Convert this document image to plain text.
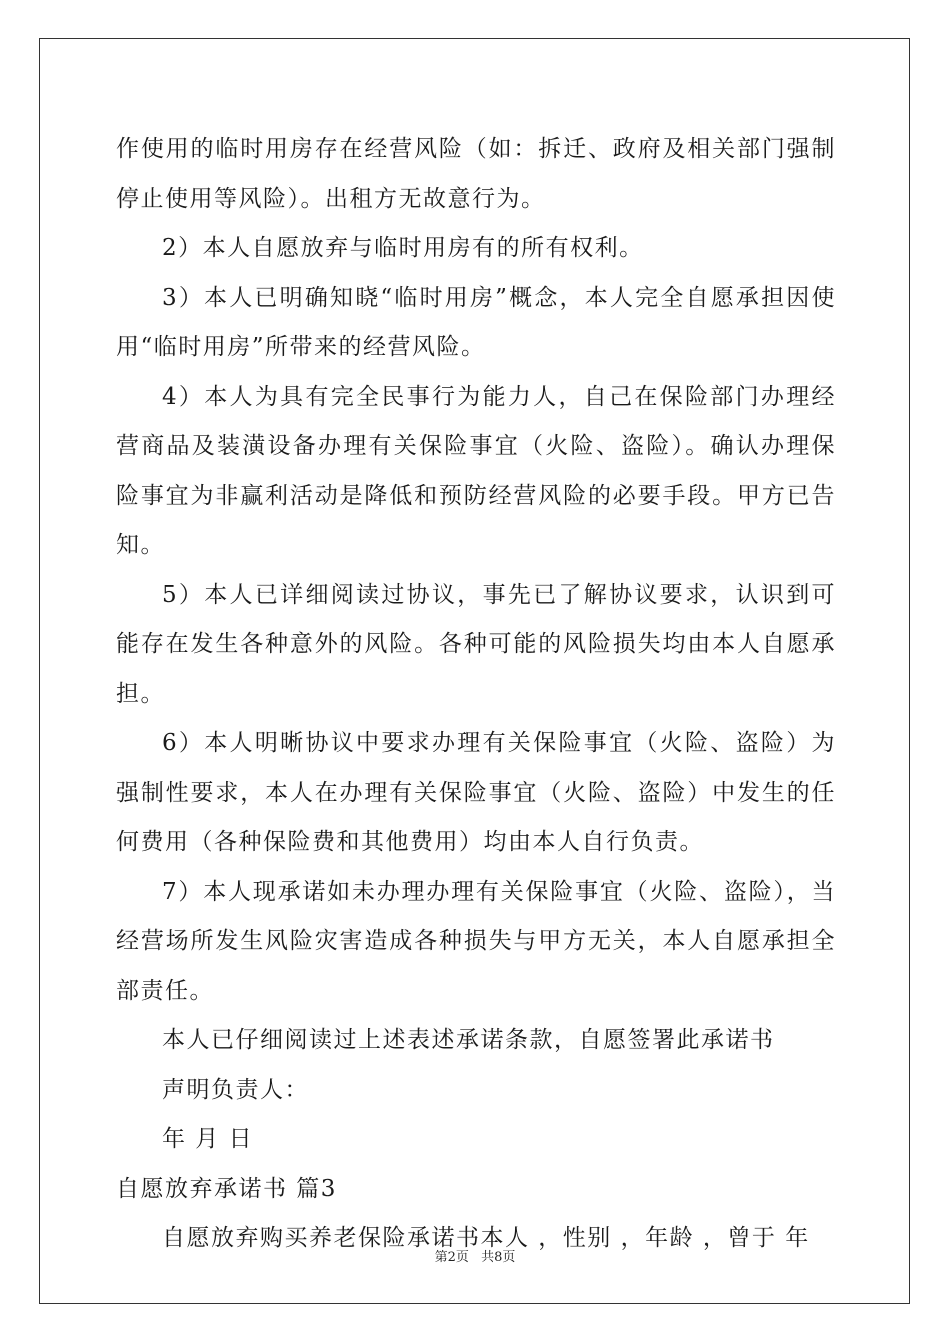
作使用的临时用房存在经营风险（如：拆迁、政府及相关部门强制停止使用等风险）。出租方无故意行为。

2）本人自愿放弃与临时用房有的所有权利。

3）本人已明确知晓“临时用房”概念，本人完全自愿承担因使用“临时用房”所带来的经营风险。

4）本人为具有完全民事行为能力人，自己在保险部门办理经营商品及装潢设备办理有关保险事宜（火险、盗险）。确认办理保险事宜为非赢利活动是降低和预防经营风险的必要手段。甲方已告知。

5）本人已详细阅读过协议，事先已了解协议要求，认识到可能存在发生各种意外的风险。各种可能的风险损失均由本人自愿承担。

6）本人明晰协议中要求办理有关保险事宜（火险、盗险）为强制性要求，本人在办理有关保险事宜（火险、盗险）中发生的任何费用（各种保险费和其他费用）均由本人自行负责。

7）本人现承诺如未办理办理有关保险事宜（火险、盗险），当经营场所发生风险灾害造成各种损失与甲方无关，本人自愿承担全部责任。

本人已仔细阅读过上述表述承诺条款，自愿签署此承诺书

声明负责人：

年 月 日

自愿放弃承诺书 篇3

自愿放弃购买养老保险承诺书本人 ，性别 ，年龄 ，曾于 年

第2页 共8页
